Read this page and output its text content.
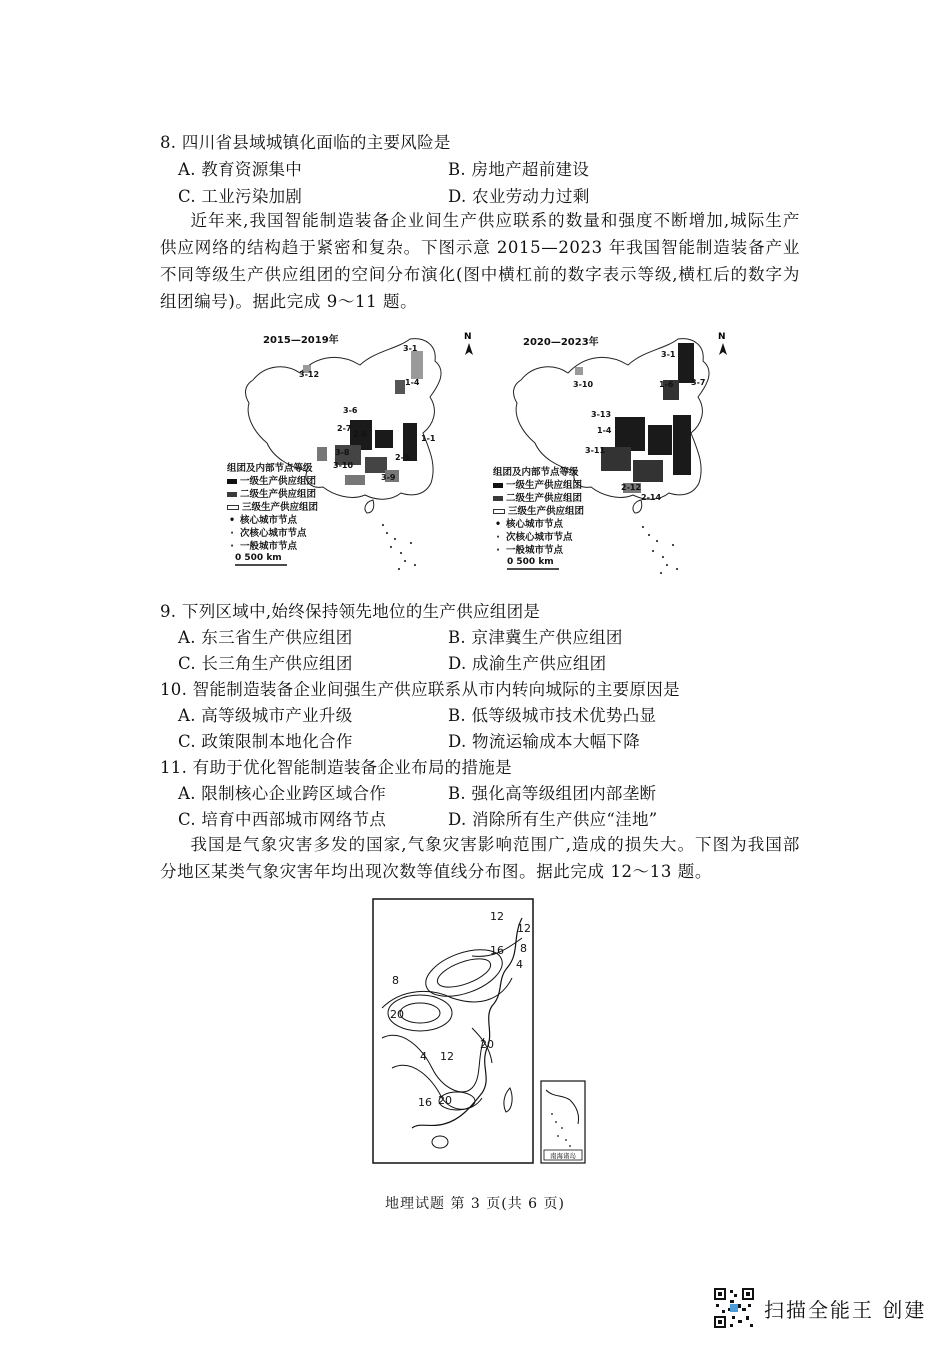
8. 四川省县域城镇化面临的主要风险是
A. 教育资源集中	B. 房地产超前建设
C. 工业污染加剧	D. 农业劳动力过剩
近年来,我国智能制造装备企业间生产供应联系的数量和强度不断增加,城际生产供应网络的结构趋于紧密和复杂。下图示意 2015—2023 年我国智能制造装备产业不同等级生产供应组团的空间分布演化(图中横杠前的数字表示等级,横杠后的数字为组团编号)。据此完成 9～11 题。
3-1
3-12
1-4
3-6
2-7
2-6
3-8
3-10
3-9
1-1
2-5
N
3-1
3-10	1-6
3-13
1-4
3-11
2-12
2-14
3-7
N
2015—2019年	2020—2023年
组团及内部节点等级
一级生产供应组团
二级生产供应组团
三级生产供应组团
• 核心城市节点
∙ 次核心城市节点
· 一般城市节点
0 500 km
组团及内部节点等级
一级生产供应组团
二级生产供应组团
三级生产供应组团
• 核心城市节点
∙ 次核心城市节点
· 一般城市节点
0 500 km
9. 下列区域中,始终保持领先地位的生产供应组团是
A. 东三省生产供应组团	B. 京津冀生产供应组团
C. 长三角生产供应组团	D. 成渝生产供应组团
10. 智能制造装备企业间强生产供应联系从市内转向城际的主要原因是
A. 高等级城市产业升级	B. 低等级城市技术优势凸显
C. 政策限制本地化合作	D. 物流运输成本大幅下降
11. 有助于优化智能制造装备企业布局的措施是
A. 限制核心企业跨区域合作	B. 强化高等级组团内部垄断
C. 培育中西部城市网络节点	D. 消除所有生产供应“洼地”
我国是气象灾害多发的国家,气象灾害影响范围广,造成的损失大。下图为我国部分地区某类气象灾害年均出现次数等值线分布图。据此完成 12～13 题。
12
12
16 8
4
8
20
20
4 12
16 20
南海诸岛
地理试题 第 3 页(共 6 页)
扫描全能王 创建
